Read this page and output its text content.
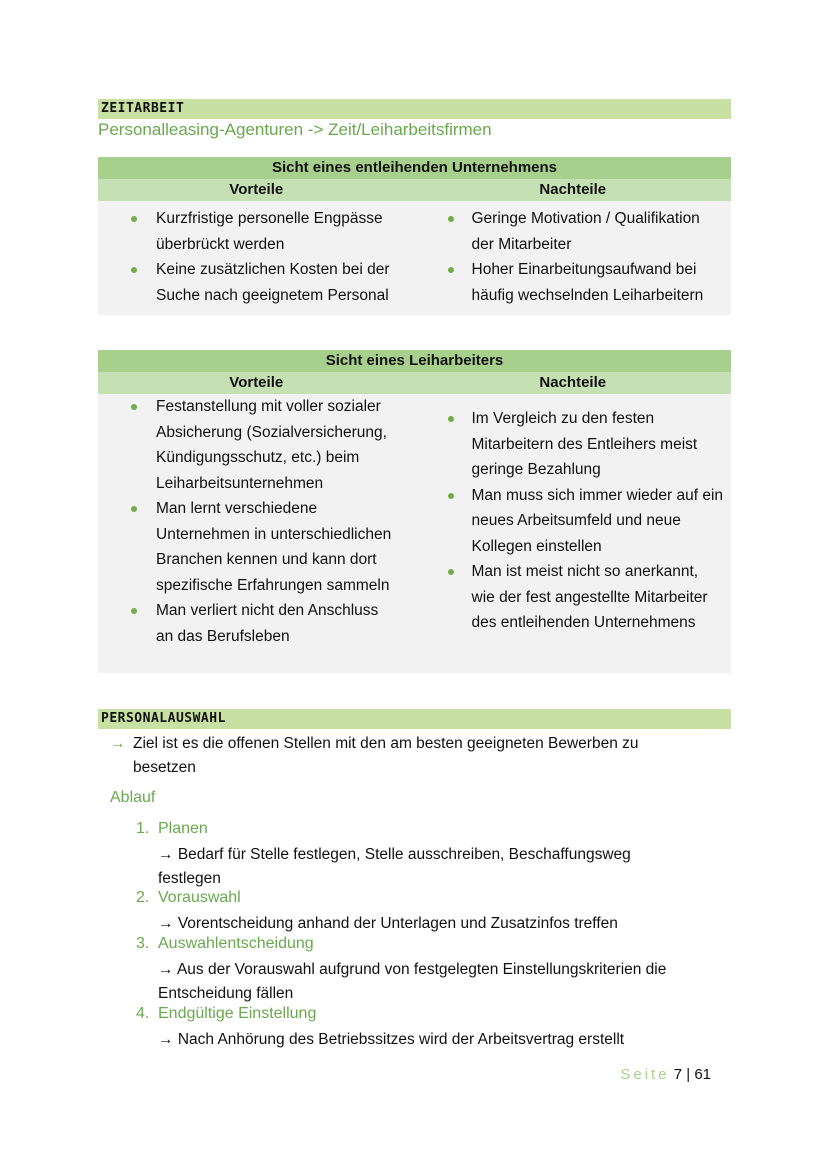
ZEITARBEIT
Personalleasing-Agenturen -> Zeit/Leiharbeitsfirmen
Sicht eines entleihenden Unternehmens
Vorteile	Nachteile
Kurzfristige personelle Engpässe überbrückt werden
Keine zusätzlichen Kosten bei der Suche nach geeignetem Personal
Geringe Motivation / Qualifikation der Mitarbeiter
Hoher Einarbeitungsaufwand bei häufig wechselnden Leiharbeitern
Sicht eines Leiharbeiters
Vorteile	Nachteile
Festanstellung mit voller sozialer Absicherung (Sozialversicherung, Kündigungsschutz, etc.) beim Leiharbeitsunternehmen
Man lernt verschiedene Unternehmen in unterschiedlichen Branchen kennen und kann dort spezifische Erfahrungen sammeln
Man verliert nicht den Anschluss an das Berufsleben
Im Vergleich zu den festen Mitarbeitern des Entleihers meist geringe Bezahlung
Man muss sich immer wieder auf ein neues Arbeitsumfeld und neue Kollegen einstellen
Man ist meist nicht so anerkannt, wie der fest angestellte Mitarbeiter des entleihenden Unternehmens
PERSONALAUSWAHL
→ Ziel ist es die offenen Stellen mit den am besten geeigneten Bewerben zu besetzen
Ablauf
1. Planen
→ Bedarf für Stelle festlegen, Stelle ausschreiben, Beschaffungsweg festlegen
2. Vorauswahl
→ Vorentscheidung anhand der Unterlagen und Zusatzinfos treffen
3. Auswahlentscheidung
→ Aus der Vorauswahl aufgrund von festgelegten Einstellungskriterien die Entscheidung fällen
4. Endgültige Einstellung
→ Nach Anhörung des Betriebssitzes wird der Arbeitsvertrag erstellt
Seite 7 | 61
